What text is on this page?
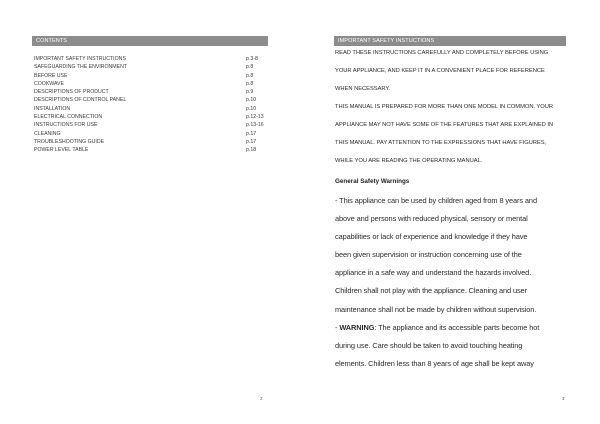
CONTENTS
IMPORTANT SAFETY INSTRUCTIONS	p.3-8
SAFEGUARDING THE ENVIRONMENT	p.8
BEFORE USE	p.8
COOKWAVE	p.8
DESCRIPTIONS OF PRODUCT	p.9
DESCRIPTIONS OF CONTROL PANEL	p.10
INSTALLATION	p.10
ELECTRICAL CONNECTION	p.12-13
INSTRUCTIONS FOR USE	p.13-16
CLEANING	p.17
TROUBLESHOOTING GUIDE	p.17
POWER LEVEL TABLE	p.18
2
IMPORTANT SAFETY INSTUCTIONS
READ THESE INSTRUCTIONS CAREFULLY AND COMPLETELY BEFORE USING
YOUR APPLIANCE, AND KEEP IT IN A CONVENIENT PLACE FOR REFERENCE
WHEN NECESSARY.
THIS MANUAL IS PREPARED FOR MORE THAN ONE MODEL IN COMMON. YOUR
APPLIANCE MAY NOT HAVE SOME OF THE FEATURES THAT ARE EXPLAINED IN
THIS MANUAL. PAY ATTENTION TO THE EXPRESSIONS THAT HAVE FIGURES,
WHILE YOU ARE READING THE OPERATING MANUAL.
General Safety Warnings
- This appliance can be used by children aged from 8 years and
above and persons with reduced physical, sensory or mental
capabilities or lack of experience and knowledge if they have
been given supervision or instruction concerning use of the
appliance in a safe way and understand the hazards involved.
Children shall not play with the appliance. Cleaning and user
maintenance shall not be made by children without supervision.
- WARNING: The appliance and its accessible parts become hot
during use. Care should be taken to avoid touching heating
elements. Children less than 8 years of age shall be kept away
3
